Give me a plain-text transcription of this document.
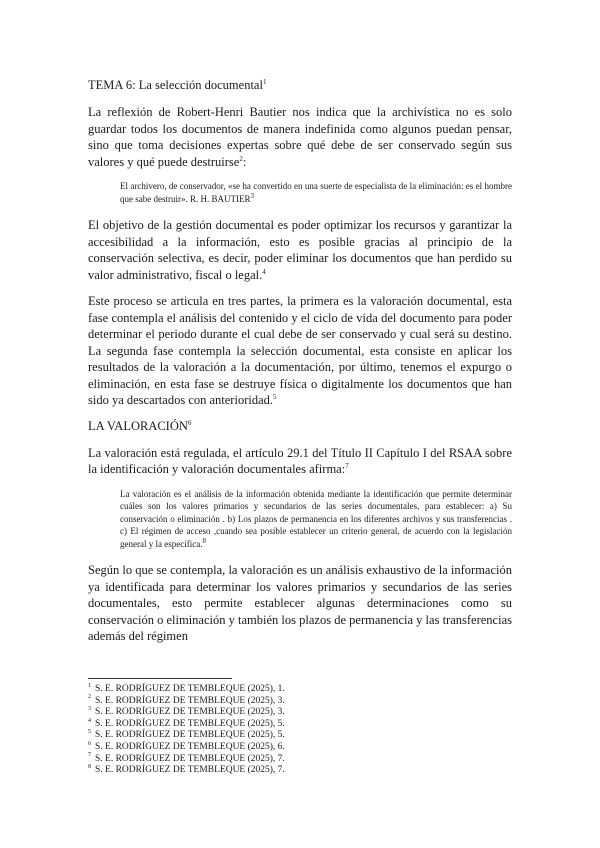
TEMA 6: La selección documental$^1$

La reflexión de Robert-Henri Bautier nos indica que la archivística no es solo guardar todos los documentos de manera indefinida como algunos puedan pensar, sino que toma decisiones expertas sobre qué debe de ser conservado según sus valores y qué puede destruirse$^2$:

El archivero, de conservador, «se ha convertido en una suerte de especialista de la eliminación: es el hombre que sabe destruir». R. H. BAUTIER$^3$

El objetivo de la gestión documental es poder optimizar los recursos y garantizar la accesibilidad a la información, esto es posible gracias al principio de la conservación selectiva, es decir, poder eliminar los documentos que han perdido su valor administrativo, fiscal o legal.$^4$

Este proceso se articula en tres partes, la primera es la valoración documental, esta fase contempla el análisis del contenido y el ciclo de vida del documento para poder determinar el periodo durante el cual debe de ser conservado y cual será su destino. La segunda fase contempla la selección documental, esta consiste en aplicar los resultados de la valoración a la documentación, por último, tenemos el expurgo o eliminación, en esta fase se destruye física o digitalmente los documentos que han sido ya descartados con anterioridad.$^5$

LA VALORACIÓN$^6$

La valoración está regulada, el artículo 29.1 del Título II Capítulo I del RSAA sobre la identificación y valoración documentales afirma:$^7$

La valoración es el análisis de la información obtenida mediante la identificación que permite determinar cuáles son los valores primarios y secundarios de las series documentales, para establecer: a) Su conservación o eliminación . b) Los plazos de permanencia en los diferentes archivos y sus transferencias . c) El régimen de acceso ,cuando sea posible establecer un criterio general, de acuerdo con la legislación general y la específica.$^8$

Según lo que se contempla, la valoración es un análisis exhaustivo de la información ya identificada para determinar los valores primarios y secundarios de las series documentales, esto permite establecer algunas determinaciones como su conservación o eliminación y también los plazos de permanencia y las transferencias además del régimen

$^1$ S. E. RODRÍGUEZ DE TEMBLEQUE (2025), 1.
$^2$ S. E. RODRÍGUEZ DE TEMBLEQUE (2025), 3.
$^3$ S. E. RODRÍGUEZ DE TEMBLEQUE (2025), 3.
$^4$ S. E. RODRÍGUEZ DE TEMBLEQUE (2025), 5.
$^5$ S. E. RODRÍGUEZ DE TEMBLEQUE (2025), 5.
$^6$ S. E. RODRÍGUEZ DE TEMBLEQUE (2025), 6.
$^7$ S. E. RODRÍGUEZ DE TEMBLEQUE (2025), 7.
$^8$ S. E. RODRÍGUEZ DE TEMBLEQUE (2025), 7.
